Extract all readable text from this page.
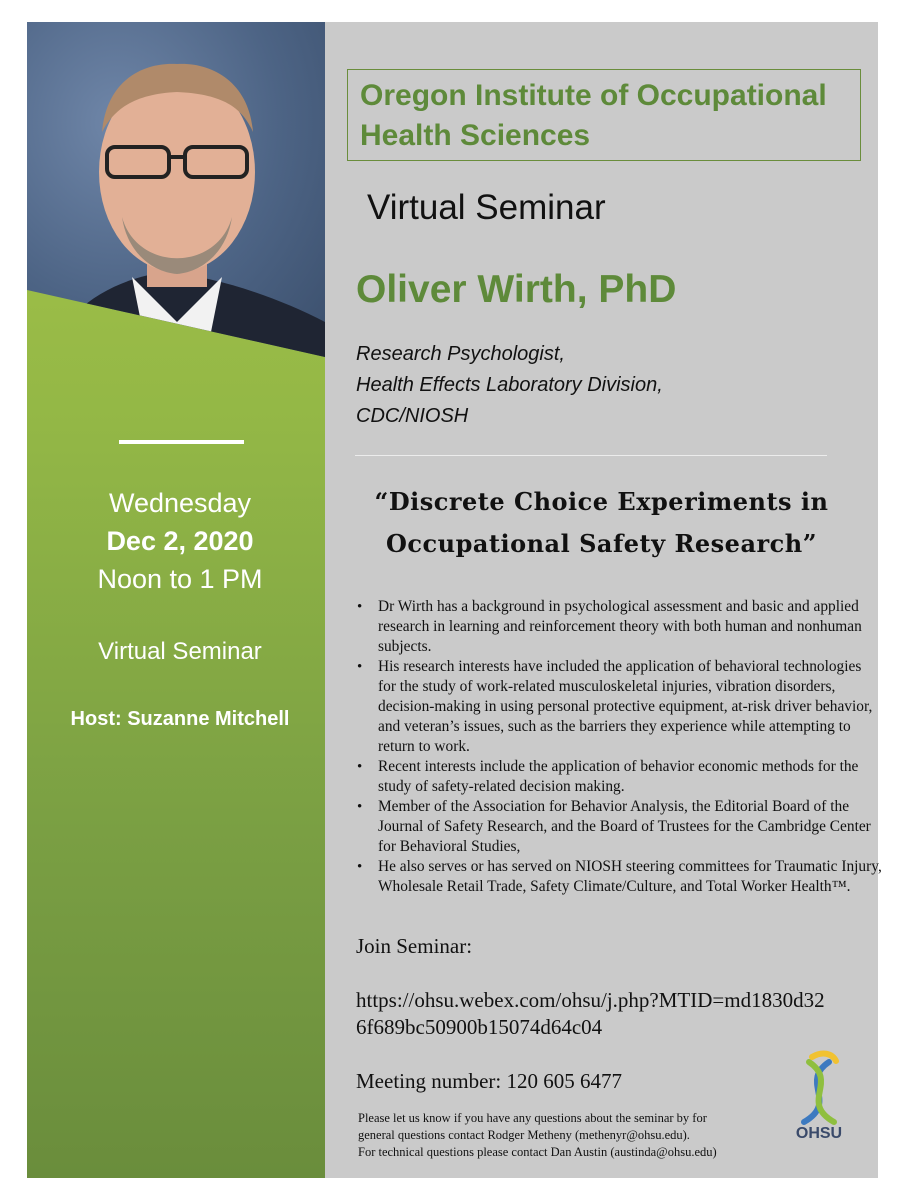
Wednesday
Dec 2, 2020
Noon to 1 PM
Virtual Seminar
Host: Suzanne Mitchell
Oregon Institute of Occupational Health Sciences
Virtual Seminar
Oliver Wirth, PhD
Research Psychologist,
Health Effects Laboratory Division,
CDC/NIOSH
“Discrete Choice Experiments in
Occupational Safety Research”
• Dr Wirth has a background in psychological assessment and basic and applied research in learning and reinforcement theory with both human and nonhuman subjects.
• His research interests have included the application of behavioral technologies for the study of work-related musculoskeletal injuries, vibration disorders, decision-making in using personal protective equipment, at-risk driver behavior, and veteran’s issues, such as the barriers they experience while attempting to return to work.
• Recent interests include the application of behavior economic methods for the study of safety-related decision making.
• Member of the Association for Behavior Analysis, the Editorial Board of the Journal of Safety Research, and the Board of Trustees for the Cambridge Center for Behavioral Studies,
• He also serves or has served on NIOSH steering committees for Traumatic Injury, Wholesale Retail Trade, Safety Climate/Culture, and Total Worker Health™.
Join Seminar:
https://ohsu.webex.com/ohsu/j.php?MTID=md1830d326f689bc50900b15074d64c04
Meeting number: 120 605 6477
Please let us know if you have any questions about the seminar by for
general questions contact Rodger Metheny (methenyr@ohsu.edu).
For technical questions please contact Dan Austin (austinda@ohsu.edu)
OHSU
